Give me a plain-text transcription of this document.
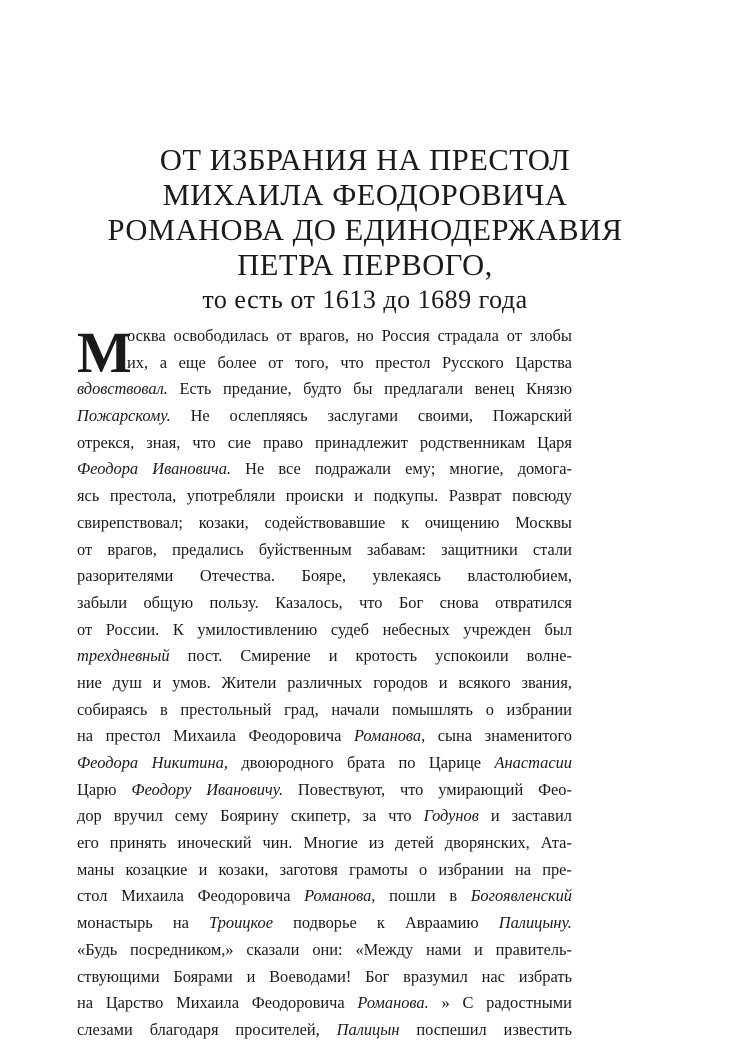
ОТ ИЗБРАНИЯ НА ПРЕСТОЛ
МИХАИЛА ФЕОДОРОВИЧА
РОМАНОВА ДО ЕДИНОДЕРЖАВИЯ
ПЕТРА ПЕРВОГО,
то есть от 1613 до 1689 года
М
осква освободилась от врагов, но Россия страдала от злобы
их, а еще более от того, что престол Русского Царства
вдовствовал. Есть предание, будто бы предлагали венец Князю
Пожарскому. Не ослепляясь заслугами своими, Пожарский
отрекся, зная, что сие право принадлежит родственникам Царя
Феодора Ивановича. Не все подражали ему; многие, домога-
ясь престола, употребляли происки и подкупы. Разврат повсюду
свирепствовал; козаки, содействовавшие к очищению Москвы
от врагов, предались буйственным забавам: защитники стали
разорителями Отечества. Бояре, увлекаясь властолюбием,
забыли общую пользу. Казалось, что Бог снова отвратился
от России. К умилостивлению судеб небесных учрежден был
трехдневный пост. Смирение и кротость успокоили волне-
ние душ и умов. Жители различных городов и всякого звания,
собираясь в престольный град, начали помышлять о избрании
на престол Михаила Феодоровича Романова, сына знаменитого
Феодора Никитина, двоюродного брата по Царице Анастасии
Царю Феодору Ивановичу. Повествуют, что умирающий Фео-
дор вручил сему Боярину скипетр, за что Годунов и заставил
его принять иноческий чин. Многие из детей дворянских, Ата-
маны козацкие и козаки, заготовя грамоты о избрании на пре-
стол Михаила Феодоровича Романова, пошли в Богоявленский
монастырь на Троицкое подворье к Авраамию Палицыну.
«Будь посредником,» сказали они: «Между нами и правитель-
ствующими Боярами и Воеводами! Бог вразумил нас избрать
на Царство Михаила Феодоровича Романова. » С радостными
слезами благодаря просителей, Палицын поспешил известить
